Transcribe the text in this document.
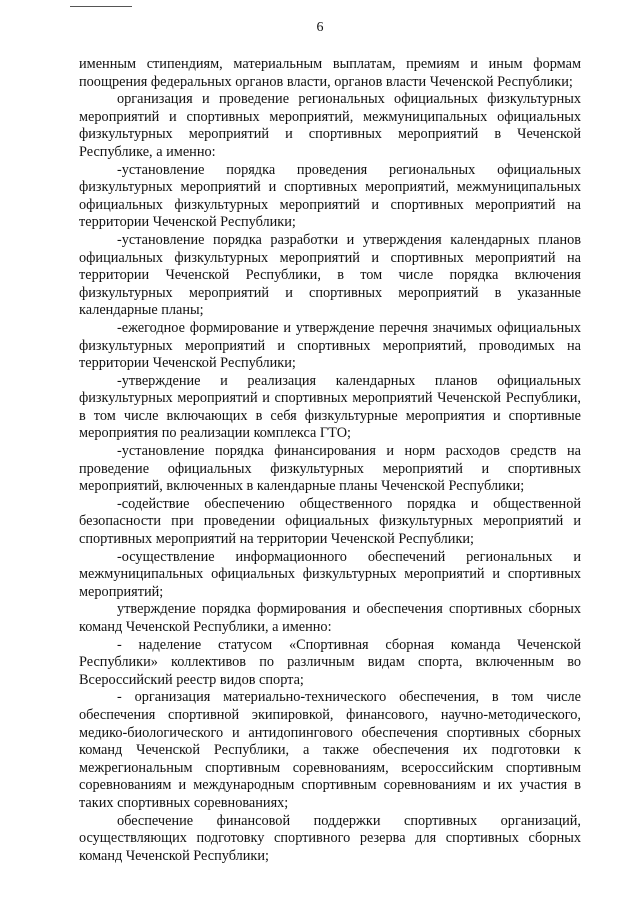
6

именным стипендиям, материальным выплатам, премиям и иным формам поощрения федеральных органов власти, органов власти Чеченской Республики;

организация и проведение региональных официальных физкультурных мероприятий и спортивных мероприятий, межмуниципальных официальных физкультурных мероприятий и спортивных мероприятий в Чеченской Республике, а именно:

-установление порядка проведения региональных официальных физкультурных мероприятий и спортивных мероприятий, межмуниципальных официальных физкультурных мероприятий и спортивных мероприятий на территории Чеченской Республики;

-установление порядка разработки и утверждения календарных планов официальных физкультурных мероприятий и спортивных мероприятий на территории Чеченской Республики, в том числе порядка включения физкультурных мероприятий и спортивных мероприятий в указанные календарные планы;

-ежегодное формирование и утверждение перечня значимых официальных физкультурных мероприятий и спортивных мероприятий, проводимых на территории Чеченской Республики;

-утверждение и реализация календарных планов официальных физкультурных мероприятий и спортивных мероприятий Чеченской Республики, в том числе включающих в себя физкультурные мероприятия и спортивные мероприятия по реализации комплекса ГТО;

-установление порядка финансирования и норм расходов средств на проведение официальных физкультурных мероприятий и спортивных мероприятий, включенных в календарные планы Чеченской Республики;

-содействие обеспечению общественного порядка и общественной безопасности при проведении официальных физкультурных мероприятий и спортивных мероприятий на территории Чеченской Республики;

-осуществление информационного обеспечений региональных и межмуниципальных официальных физкультурных мероприятий и спортивных мероприятий;

утверждение порядка формирования и обеспечения спортивных сборных команд Чеченской Республики, а именно:

- наделение статусом «Спортивная сборная команда Чеченской Республики» коллективов по различным видам спорта, включенным во Всероссийский реестр видов спорта;

- организация материально-технического обеспечения, в том числе обеспечения спортивной экипировкой, финансового, научно-методического, медико-биологического и антидопингового обеспечения спортивных сборных команд Чеченской Республики, а также обеспечения их подготовки к межрегиональным спортивным соревнованиям, всероссийским спортивным соревнованиям и международным спортивным соревнованиям и их участия в таких спортивных соревнованиях;

обеспечение финансовой поддержки спортивных организаций, осуществляющих подготовку спортивного резерва для спортивных сборных команд Чеченской Республики;
